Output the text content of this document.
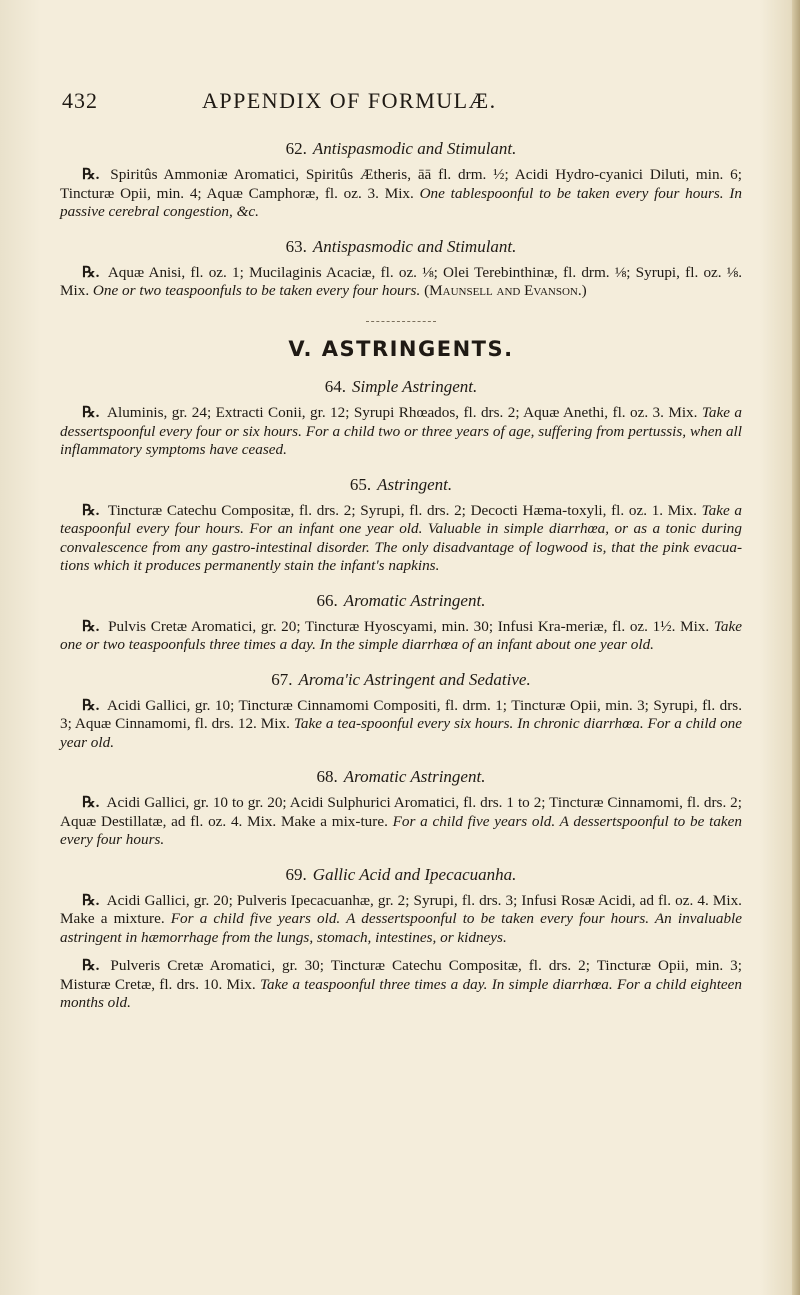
432	APPENDIX OF FORMULÆ.

62. Antispasmodic and Stimulant.

℞. Spiritûs Ammoniæ Aromatici, Spiritûs Ætheris, āā fl. drm. ½; Acidi Hydro-cyanici Diluti, min. 6; Tincturæ Opii, min. 4; Aquæ Camphoræ, fl. oz. 3. Mix. One tablespoonful to be taken every four hours. In passive cerebral congestion, &c.

63. Antispasmodic and Stimulant.

℞. Aquæ Anisi, fl. oz. 1; Mucilaginis Acaciæ, fl. oz. ⅛; Olei Terebinthinæ, fl. drm. ⅛; Syrupi, fl. oz. ⅛. Mix. One or two teaspoonfuls to be taken every four hours. (Maunsell and Evanson.)

V. ASTRINGENTS.

64. Simple Astringent.

℞. Aluminis, gr. 24; Extracti Conii, gr. 12; Syrupi Rhœados, fl. drs. 2; Aquæ Anethi, fl. oz. 3. Mix. Take a dessertspoonful every four or six hours. For a child two or three years of age, suffering from pertussis, when all inflammatory symptoms have ceased.

65. Astringent.

℞. Tincturæ Catechu Compositæ, fl. drs. 2; Syrupi, fl. drs. 2; Decocti Hæma-toxyli, fl. oz. 1. Mix. Take a teaspoonful every four hours. For an infant one year old. Valuable in simple diarrhœa, or as a tonic during convalescence from any gastro-intestinal disorder. The only disadvantage of logwood is, that the pink evacua-tions which it produces permanently stain the infant's napkins.

66. Aromatic Astringent.

℞. Pulvis Cretæ Aromatici, gr. 20; Tincturæ Hyoscyami, min. 30; Infusi Kra-meriæ, fl. oz. 1½. Mix. Take one or two teaspoonfuls three times a day. In the simple diarrhœa of an infant about one year old.

67. Aroma'ic Astringent and Sedative.

℞. Acidi Gallici, gr. 10; Tincturæ Cinnamomi Compositi, fl. drm. 1; Tincturæ Opii, min. 3; Syrupi, fl. drs. 3; Aquæ Cinnamomi, fl. drs. 12. Mix. Take a tea-spoonful every six hours. In chronic diarrhœa. For a child one year old.

68. Aromatic Astringent.

℞. Acidi Gallici, gr. 10 to gr. 20; Acidi Sulphurici Aromatici, fl. drs. 1 to 2; Tincturæ Cinnamomi, fl. drs. 2; Aquæ Destillatæ, ad fl. oz. 4. Mix. Make a mix-ture. For a child five years old. A dessertspoonful to be taken every four hours.

69. Gallic Acid and Ipecacuanha.

℞. Acidi Gallici, gr. 20; Pulveris Ipecacuanhæ, gr. 2; Syrupi, fl. drs. 3; Infusi Rosæ Acidi, ad fl. oz. 4. Mix. Make a mixture. For a child five years old. A dessertspoonful to be taken every four hours. An invaluable astringent in hæmorrhage from the lungs, stomach, intestines, or kidneys.

℞. Pulveris Cretæ Aromatici, gr. 30; Tincturæ Catechu Compositæ, fl. drs. 2; Tincturæ Opii, min. 3; Misturæ Cretæ, fl. drs. 10. Mix. Take a teaspoonful three times a day. In simple diarrhœa. For a child eighteen months old.
